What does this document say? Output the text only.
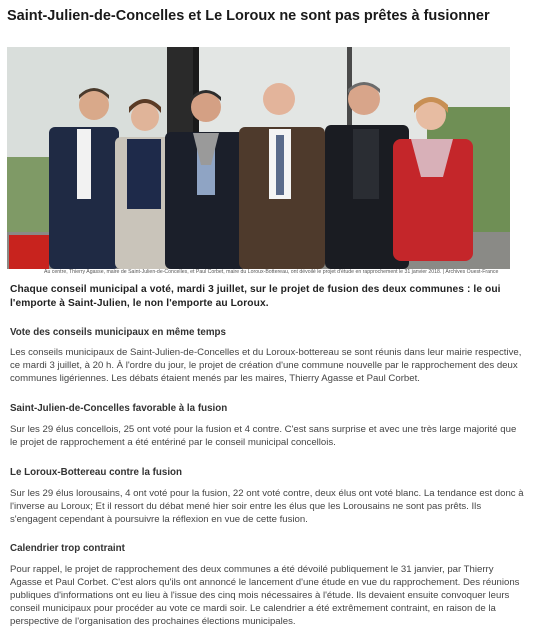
Saint-Julien-de-Concelles et Le Loroux ne sont pas prêtes à fusionner
Au centre, Thierry Agasse, maire de Saint-Julien-de-Concelles, et Paul Corbet, maire du Loroux-Bottereau, ont dévoilé le projet d'étude en rapprochement le 31 janvier 2018. | Archives Ouest-France
Chaque conseil municipal a voté, mardi 3 juillet, sur le projet de fusion des deux communes : le oui l'emporte à Saint-Julien, le non l'emporte au Loroux.
Vote des conseils municipaux en même temps

Les conseils municipaux de Saint-Julien-de-Concelles et du Loroux-bottereau se sont réunis dans leur mairie respective, ce mardi 3 juillet, à 20 h. À l'ordre du jour, le projet de création d'une commune nouvelle par le rapprochement des deux communes ligériennes. Les débats étaient menés par les maires, Thierry Agasse et Paul Corbet.

Saint-Julien-de-Concelles favorable à la fusion

Sur les 29 élus concellois, 25 ont voté pour la fusion et 4 contre. C'est sans surprise et avec une très large majorité que le projet de rapprochement a été entériné par le conseil municipal concellois.

Le Loroux-Bottereau contre la fusion

Sur les 29 élus lorousains, 4 ont voté pour la fusion, 22 ont voté contre, deux élus ont voté blanc. La tendance est donc à l'inverse au Loroux; Et il ressort du débat mené hier soir entre les élus que les Lorousains ne sont pas prêts. Ils s'engagent cependant à poursuivre la réflexion en vue de cette fusion.

Calendrier trop contraint

Pour rappel, le projet de rapprochement des deux communes a été dévoilé publiquement le 31 janvier, par Thierry Agasse et Paul Corbet. C'est alors qu'ils ont annoncé le lancement d'une étude en vue du rapprochement. Des réunions publiques d'informations ont eu lieu à l'issue des cinq mois nécessaires à l'étude. Ils devaient ensuite convoquer leurs conseil municipaux pour procéder au vote ce mardi soir. Le calendrier a été extrêmement contraint, en raison de la perspective de l'organisation des prochaines élections municipales.
